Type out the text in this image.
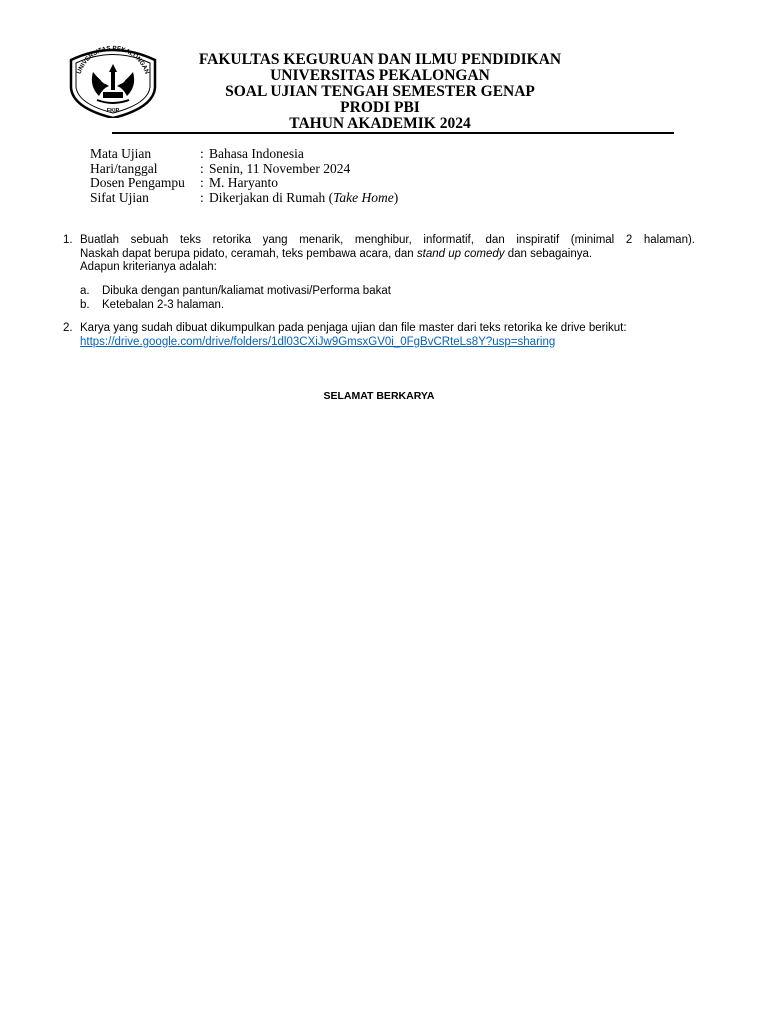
UNIVERSITAS PEKALONGAN
FKIP
FAKULTAS KEGURUAN DAN ILMU PENDIDIKAN
UNIVERSITAS PEKALONGAN
SOAL UJIAN TENGAH SEMESTER GENAP
PRODI PBI
TAHUN AKADEMIK 2024
Mata Ujian	: Bahasa Indonesia
Hari/tanggal	: Senin, 11 November 2024
Dosen Pengampu	: M. Haryanto
Sifat Ujian	: Dikerjakan di Rumah (Take Home)
1. Buatlah sebuah teks retorika yang menarik, menghibur, informatif, dan inspiratif (minimal 2 halaman).
Naskah dapat berupa pidato, ceramah, teks pembawa acara, dan stand up comedy dan sebagainya.
Adapun kriterianya adalah:
a. Dibuka dengan pantun/kaliamat motivasi/Performa bakat
b. Ketebalan 2-3 halaman.
2. Karya yang sudah dibuat dikumpulkan pada penjaga ujian dan file master dari teks retorika ke drive berikut:
https://drive.google.com/drive/folders/1dl03CXiJw9GmsxGV0i_0FgBvCRteLs8Y?usp=sharing
SELAMAT BERKARYA
